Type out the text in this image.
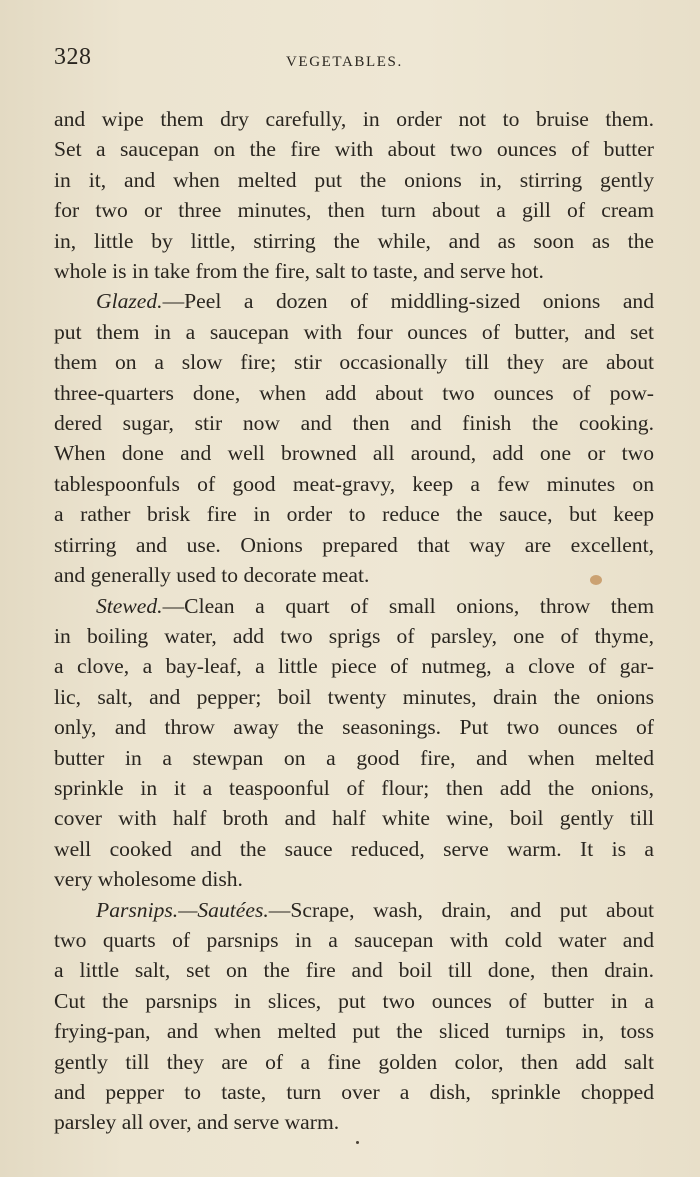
328	VEGETABLES.
and wipe them dry carefully, in order not to bruise them.
Set a saucepan on the fire with about two ounces of butter
in it, and when melted put the onions in, stirring gently
for two or three minutes, then turn about a gill of cream
in, little by little, stirring the while, and as soon as the
whole is in take from the fire, salt to taste, and serve hot.
Glazed.—Peel a dozen of middling-sized onions and
put them in a saucepan with four ounces of butter, and set
them on a slow fire; stir occasionally till they are about
three-quarters done, when add about two ounces of pow-
dered sugar, stir now and then and finish the cooking.
When done and well browned all around, add one or two
tablespoonfuls of good meat-gravy, keep a few minutes on
a rather brisk fire in order to reduce the sauce, but keep
stirring and use. Onions prepared that way are excellent,
and generally used to decorate meat.
Stewed.—Clean a quart of small onions, throw them
in boiling water, add two sprigs of parsley, one of thyme,
a clove, a bay-leaf, a little piece of nutmeg, a clove of gar-
lic, salt, and pepper; boil twenty minutes, drain the onions
only, and throw away the seasonings. Put two ounces of
butter in a stewpan on a good fire, and when melted
sprinkle in it a teaspoonful of flour; then add the onions,
cover with half broth and half white wine, boil gently till
well cooked and the sauce reduced, serve warm. It is a
very wholesome dish.
Parsnips.—Sautées.—Scrape, wash, drain, and put about
two quarts of parsnips in a saucepan with cold water and
a little salt, set on the fire and boil till done, then drain.
Cut the parsnips in slices, put two ounces of butter in a
frying-pan, and when melted put the sliced turnips in, toss
gently till they are of a fine golden color, then add salt
and pepper to taste, turn over a dish, sprinkle chopped
parsley all over, and serve warm.
